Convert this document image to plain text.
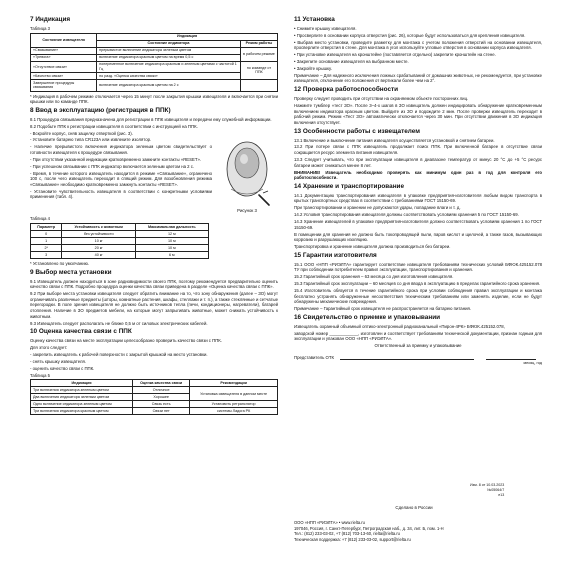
7 Индикация
Таблица 3
Состояние извещателя	Индикация	
	Состояние индикатора	Режим работы
«Связывание»	прерывистое включение индикатора зеленым цветом	в рабочем режиме
«Тревога»	включение индикатора красным цветом на время 0,5 с	
«Отсутствие связи»	попеременное включение индикатора красным и зеленым цветами с частотой 1 Гц	по команде от ППК
«Качество связи»	по разд. «Оценка качества связи»	
Завершение процедуры связывания	включение индикатора красным цветом на 2 с	

* Индикация в рабочем режиме отключается через 15 минут после закрытия крышки извещателя и включается при снятии крышки или по команде ППК.

8 Ввод в эксплуатацию (регистрация в ППК)

8.1 Процедура связывания предназначена для регистрации в ППК извещателя и передачи ему служебной информации.

8.2 Подобьте ППК к регистрации извещателя в соответствии с инструкцией на ППК.

Рисунок 3

- Вскройте корпус, сняв защелку отверткой (рис. 3).

- Установите батарею типа CR123A или извлеките изолятор.

- Наличие прерывистого включения индикатора зеленым цветом свидетельствует о готовности извещателя к процедуре связывания.

- При отсутствии указанной индикации кратковременно замкните контакты «RESET».

- При успешном связывании с ППК индикатор включается зеленым цветом на 2 с.

- Время, в течение которого извещатель находится в режиме «Связывание», ограничено 100 с, после чего извещатель переходит в спящий режим. Для возобновления режима «Связывание» необходимо кратковременно замкнуть контакты «RESET».

- Установите чувствительность извещателя в соответствии с конкретными условиями применения (табл. 4).

Таблица 4
Параметр	Устойчивость к животным	Максимальная дальность
0	без устойчивости	12 м
1	10 кг	10 м
2*	20 кг	10 м
3	40 кг	6 м

* Установлено по умолчанию.

9 Выбор места установки

9.1 Извещатель должен находиться в зоне радиовидимости своего ППК, поэтому рекомендуется предварительно оценить качество связи с ППК. Подробно процедура оценки качества связи приведена в разделе «Оценка качества связи с ППК».

9.2 При выборе места установки извещателя следует обратить внимание на то, что зону обнаружения (далее – ЗО) могут ограничивать различные предметы (шторы, комнатные растения, шкафы, стеллажи и т. п.), а также стеклянные и сетчатые перегородки. В поле зрения извещателя не должно быть источников тепла (печи, кондиционеры, нагреватели), батарей отопления. Наличие в ЗО предметов мебели, на которые могут запрыгивать животные, может снижать устойчивость к животным.

9.3 Извещатель следует располагать не ближе 0,5 м от силовых электрических кабелей.

10 Оценка качества связи с ППК

Оценку качества связи на месте эксплуатации целесообразно проверить качество связи с ППК.

Для этого следует:

- закрепить извещатель к рабочей поверхности с закрытой крышкой на место установки.

- снять крышку извещателя.

- оценить качество связи с ППК.

Таблица 5
Индикация	Оценка качества связи	Рекомендации
Три включения индикатора зеленым цветом	Отличное	Установка извещателя в данном месте
Два включения индикатора зеленым цветом	Хорошее	
Одно включение индикатора зеленым цветом	Связь есть	Установить ретранслятор
Три включения индикатора красным цветом	Связи нет	системы Ладога РК
11 Установка

• Снимите крышку извещателя.

• Просверлите в основании корпуса отверстия (рис. 26), которые будут использоваться для крепления извещателя.

• Выбрав место установки, проведите разметку для монтажа с учетом положения отверстий на основании извещателя, просверлите отверстия в стене. Для монтажа в угол используйте угловые отверстия в основании корпуса извещателя.

• При установке извещателя на кронштейне (поставляется отдельно) закрепите кронштейн на стене.

• Закрепите основание извещателя на выбранном месте.

• Закройте крышку.

Примечание – Для надежного исключения ложных срабатываний от домашних животных, не рекомендуется, при установке извещателя, отклонение его положения от вертикали более чем на 2°.

12 Проверка работоспособности

Проверку следует проводить при отсутствии на охраняемом объекте посторонних лиц.

Нажмите тумблер «тест ЗО». После 3–4-х шагов в ЗО извещатель должен индицировать обнаружение кратковременным включением индикатора красным цветом. Выйдите из ЗО и подождите 2 мин. После проверки извещатель переходит в рабочий режим. Режим «Тест ЗО» автоматически отключается через 30 мин. При отсутствии движения в ЗО индикация включения отсутствует.

13 Особенности работы с извещателем

13.1 Включение и выключение питания извещателя осуществляется установкой и снятием батареи.

13.2 При потере связи с ППК извещатель продолжает поиск ППК. При включенной батарее в отсутствие связи сокращается ресурс элемента питания извещателя.

13.3 Следует учитывать, что при эксплуатации извещателя в диапазоне температур от минус 20 °С до +5 °С ресурс батареи может снижаться менее 8 лет.

ВНИМАНИЕ! Извещатель необходимо проверять как минимум один раз в год для контроля его работоспособности.

14 Хранение и транспортирование

14.1 Документацию транспортирования извещателя в упаковке предприятия-изготовителя любым видом транспорта в крытых транспортных средствах в соответствии с требованиями ГОСТ 15150-69.

При транспортировании и хранении не допускаются удары, попадание влаги и т. д.

14.2 Условия транспортирования извещателя должны соответствовать условиям хранения 5 по ГОСТ 15150-69.

14.3 Хранение извещателей в упаковке предприятия-изготовителя должно соответствовать условиям хранения 1 по ГОСТ 15150-69.

В помещении для хранения не должно быть токопроводящей пыли, паров кислот и щелочей, а также газов, вызывающих коррозию и разрушающих изоляцию.

Транспортировка и хранение извещателя должна производиться без батареи.

15 Гарантии изготовителя

15.1 ООО «НПП «РИЭЛТА» гарантирует соответствие извещателя требованиям технических условий БФЮК.425152.078 ТУ при соблюдении потребителем правил эксплуатации, транспортирования и хранения.

15.2 Гарантийный срок хранения – 63 месяца со дня изготовления извещателя.

15.3 Гарантийный срок эксплуатации – 60 месяцев со дня ввода в эксплуатацию в пределах гарантийного срока хранения.

15.4 Изготовитель обязуется в течение гарантийного срока при условии соблюдения правил эксплуатации и монтажа бесплатно устранять обнаруженные несоответствия техническим требованиям или заменять изделие, если не будут обнаружены механические повреждения.

Примечание – Гарантийный срок извещателя не распространяется на батарею питания.

16 Свидетельство о приемке и упаковывании

Извещатель охранный объемный оптико-электронный радиоканальный «Пирон-4РК» БФЮК.425152.078,

заводской номер ____________, изготовлен и соответствует требованиям технической документации, признан годным для эксплуатации и упакован ООО «НПП «РИЭЛТА».

Ответственный за приемку и упаковывание

Представитель ОТК
месяц, год
Изм. 8 от 10.03.2023
№05064/7
е13
Сделано в России
ООО «НПП «РИЭЛТА» • www.rielta.ru
197046, Россия, г. Санкт-Петербург, Петроградская наб., д. 34, лит. Б, пом. 1-Н
Тел.: (812) 233-03-02, +7 (812) 703-13-60, rielta@rielta.ru
Техническая поддержка: +7 (812) 233-03-02, support@rielta.ru
